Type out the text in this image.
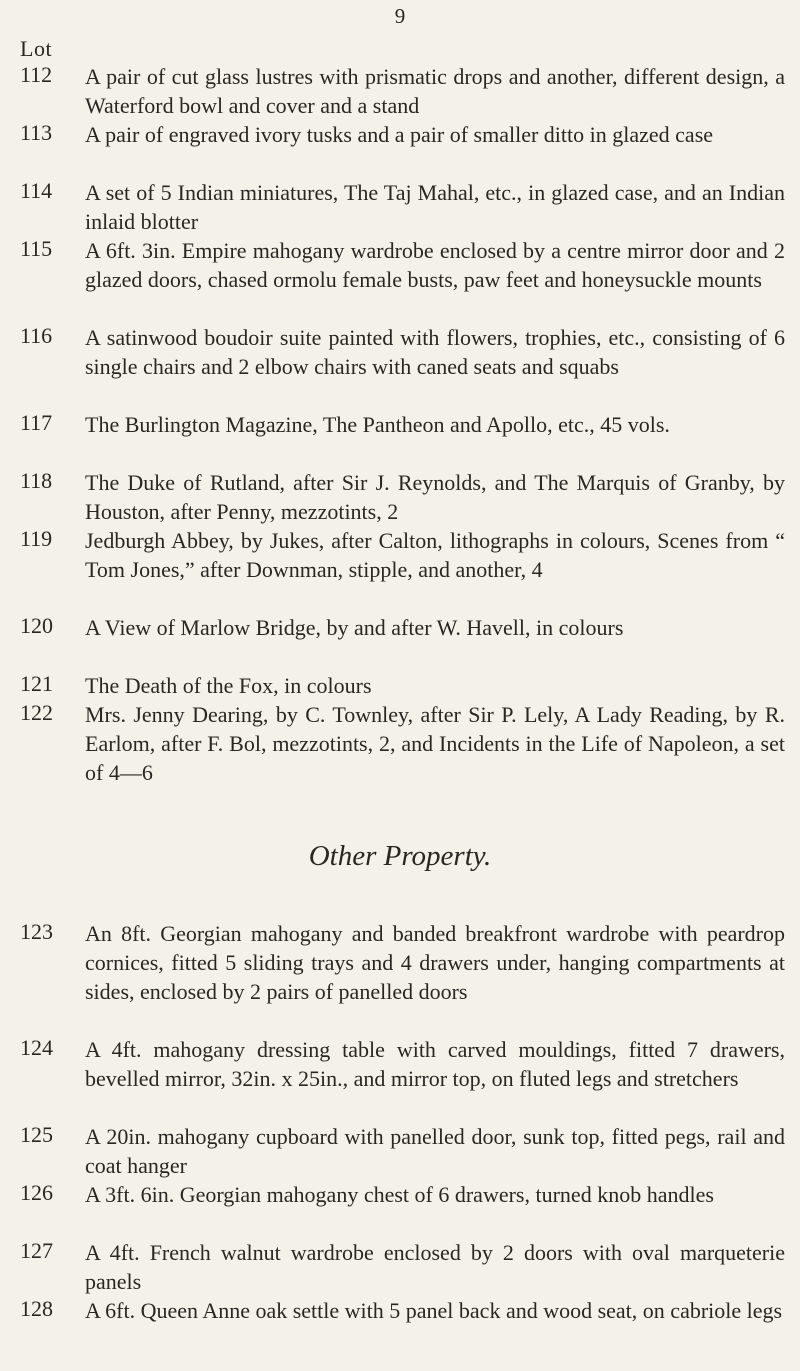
9
Lot
112	A pair of cut glass lustres with prismatic drops and another, different design, a Waterford bowl and cover and a stand
113	A pair of engraved ivory tusks and a pair of smaller ditto in glazed case
114	A set of 5 Indian miniatures, The Taj Mahal, etc., in glazed case, and an Indian inlaid blotter
115	A 6ft. 3in. Empire mahogany wardrobe enclosed by a centre mirror door and 2 glazed doors, chased ormolu female busts, paw feet and honeysuckle mounts
116	A satinwood boudoir suite painted with flowers, trophies, etc., consisting of 6 single chairs and 2 elbow chairs with caned seats and squabs
117	The Burlington Magazine, The Pantheon and Apollo, etc., 45 vols.
118	The Duke of Rutland, after Sir J. Reynolds, and The Marquis of Granby, by Houston, after Penny, mezzotints, 2
119	Jedburgh Abbey, by Jukes, after Calton, lithographs in colours, Scenes from “ Tom Jones,” after Downman, stipple, and another, 4
120	A View of Marlow Bridge, by and after W. Havell, in colours
121	The Death of the Fox, in colours
122	Mrs. Jenny Dearing, by C. Townley, after Sir P. Lely, A Lady Reading, by R. Earlom, after F. Bol, mezzotints, 2, and Incidents in the Life of Napoleon, a set of 4—6
Other Property.
123	An 8ft. Georgian mahogany and banded breakfront wardrobe with peardrop cornices, fitted 5 sliding trays and 4 drawers under, hanging compartments at sides, enclosed by 2 pairs of panelled doors
124	A 4ft. mahogany dressing table with carved mouldings, fitted 7 drawers, bevelled mirror, 32in. x 25in., and mirror top, on fluted legs and stretchers
125	A 20in. mahogany cupboard with panelled door, sunk top, fitted pegs, rail and coat hanger
126	A 3ft. 6in. Georgian mahogany chest of 6 drawers, turned knob handles
127	A 4ft. French walnut wardrobe enclosed by 2 doors with oval marqueterie panels
128	A 6ft. Queen Anne oak settle with 5 panel back and wood seat, on cabriole legs
